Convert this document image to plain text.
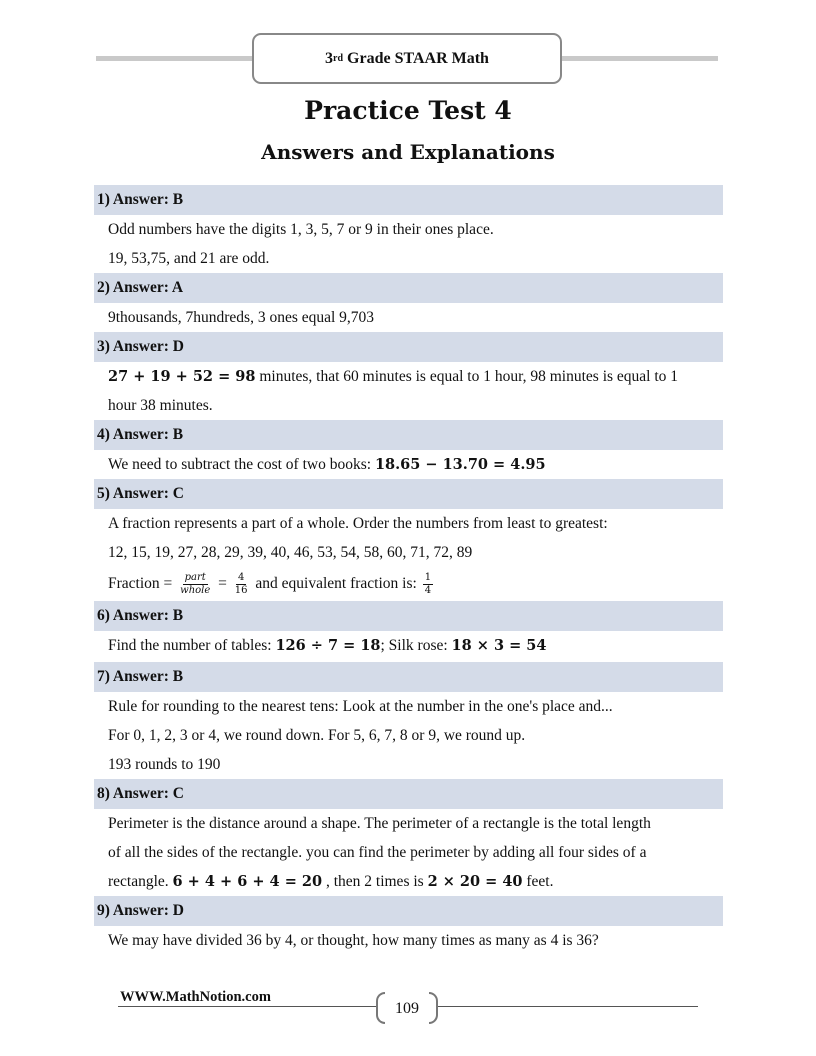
3 rd Grade STAAR Math
Practice Test 4
Answers and Explanations
1) Answer: B
Odd numbers have the digits 1, 3, 5, 7 or 9 in their ones place.
19, 53,75, and 21 are odd.
2) Answer: A
9thousands, 7hundreds, 3 ones equal 9,703
3) Answer: D
27 + 19 + 52 = 98 minutes, that 60 minutes is equal to 1 hour, 98 minutes is equal to 1
hour 38 minutes.
4) Answer: B
We need to subtract the cost of two books: 18.65 − 13.70 = 4.95
5) Answer: C
A fraction represents a part of a whole. Order the numbers from least to greatest:
12, 15, 19, 27, 28, 29, 39, 40, 46, 53, 54, 58, 60, 71, 72, 89
Fraction = $\frac{\text{part}}{\text{whole}} = \frac{4}{16}$ and equivalent fraction is: $\frac{1}{4}$
6) Answer: B
Find the number of tables: 126 ÷ 7 = 18; Silk rose: 18 × 3 = 54
7) Answer: B
Rule for rounding to the nearest tens: Look at the number in the one's place and...
For 0, 1, 2, 3 or 4, we round down. For 5, 6, 7, 8 or 9, we round up.
193 rounds to 190
8) Answer: C
Perimeter is the distance around a shape. The perimeter of a rectangle is the total length
of all the sides of the rectangle. you can find the perimeter by adding all four sides of a
rectangle. 6 + 4 + 6 + 4 = 20 , then 2 times is 2 × 20 = 40 feet.
9) Answer: D
We may have divided 36 by 4, or thought, how many times as many as 4 is 36?
WWW.MathNotion.com
109
